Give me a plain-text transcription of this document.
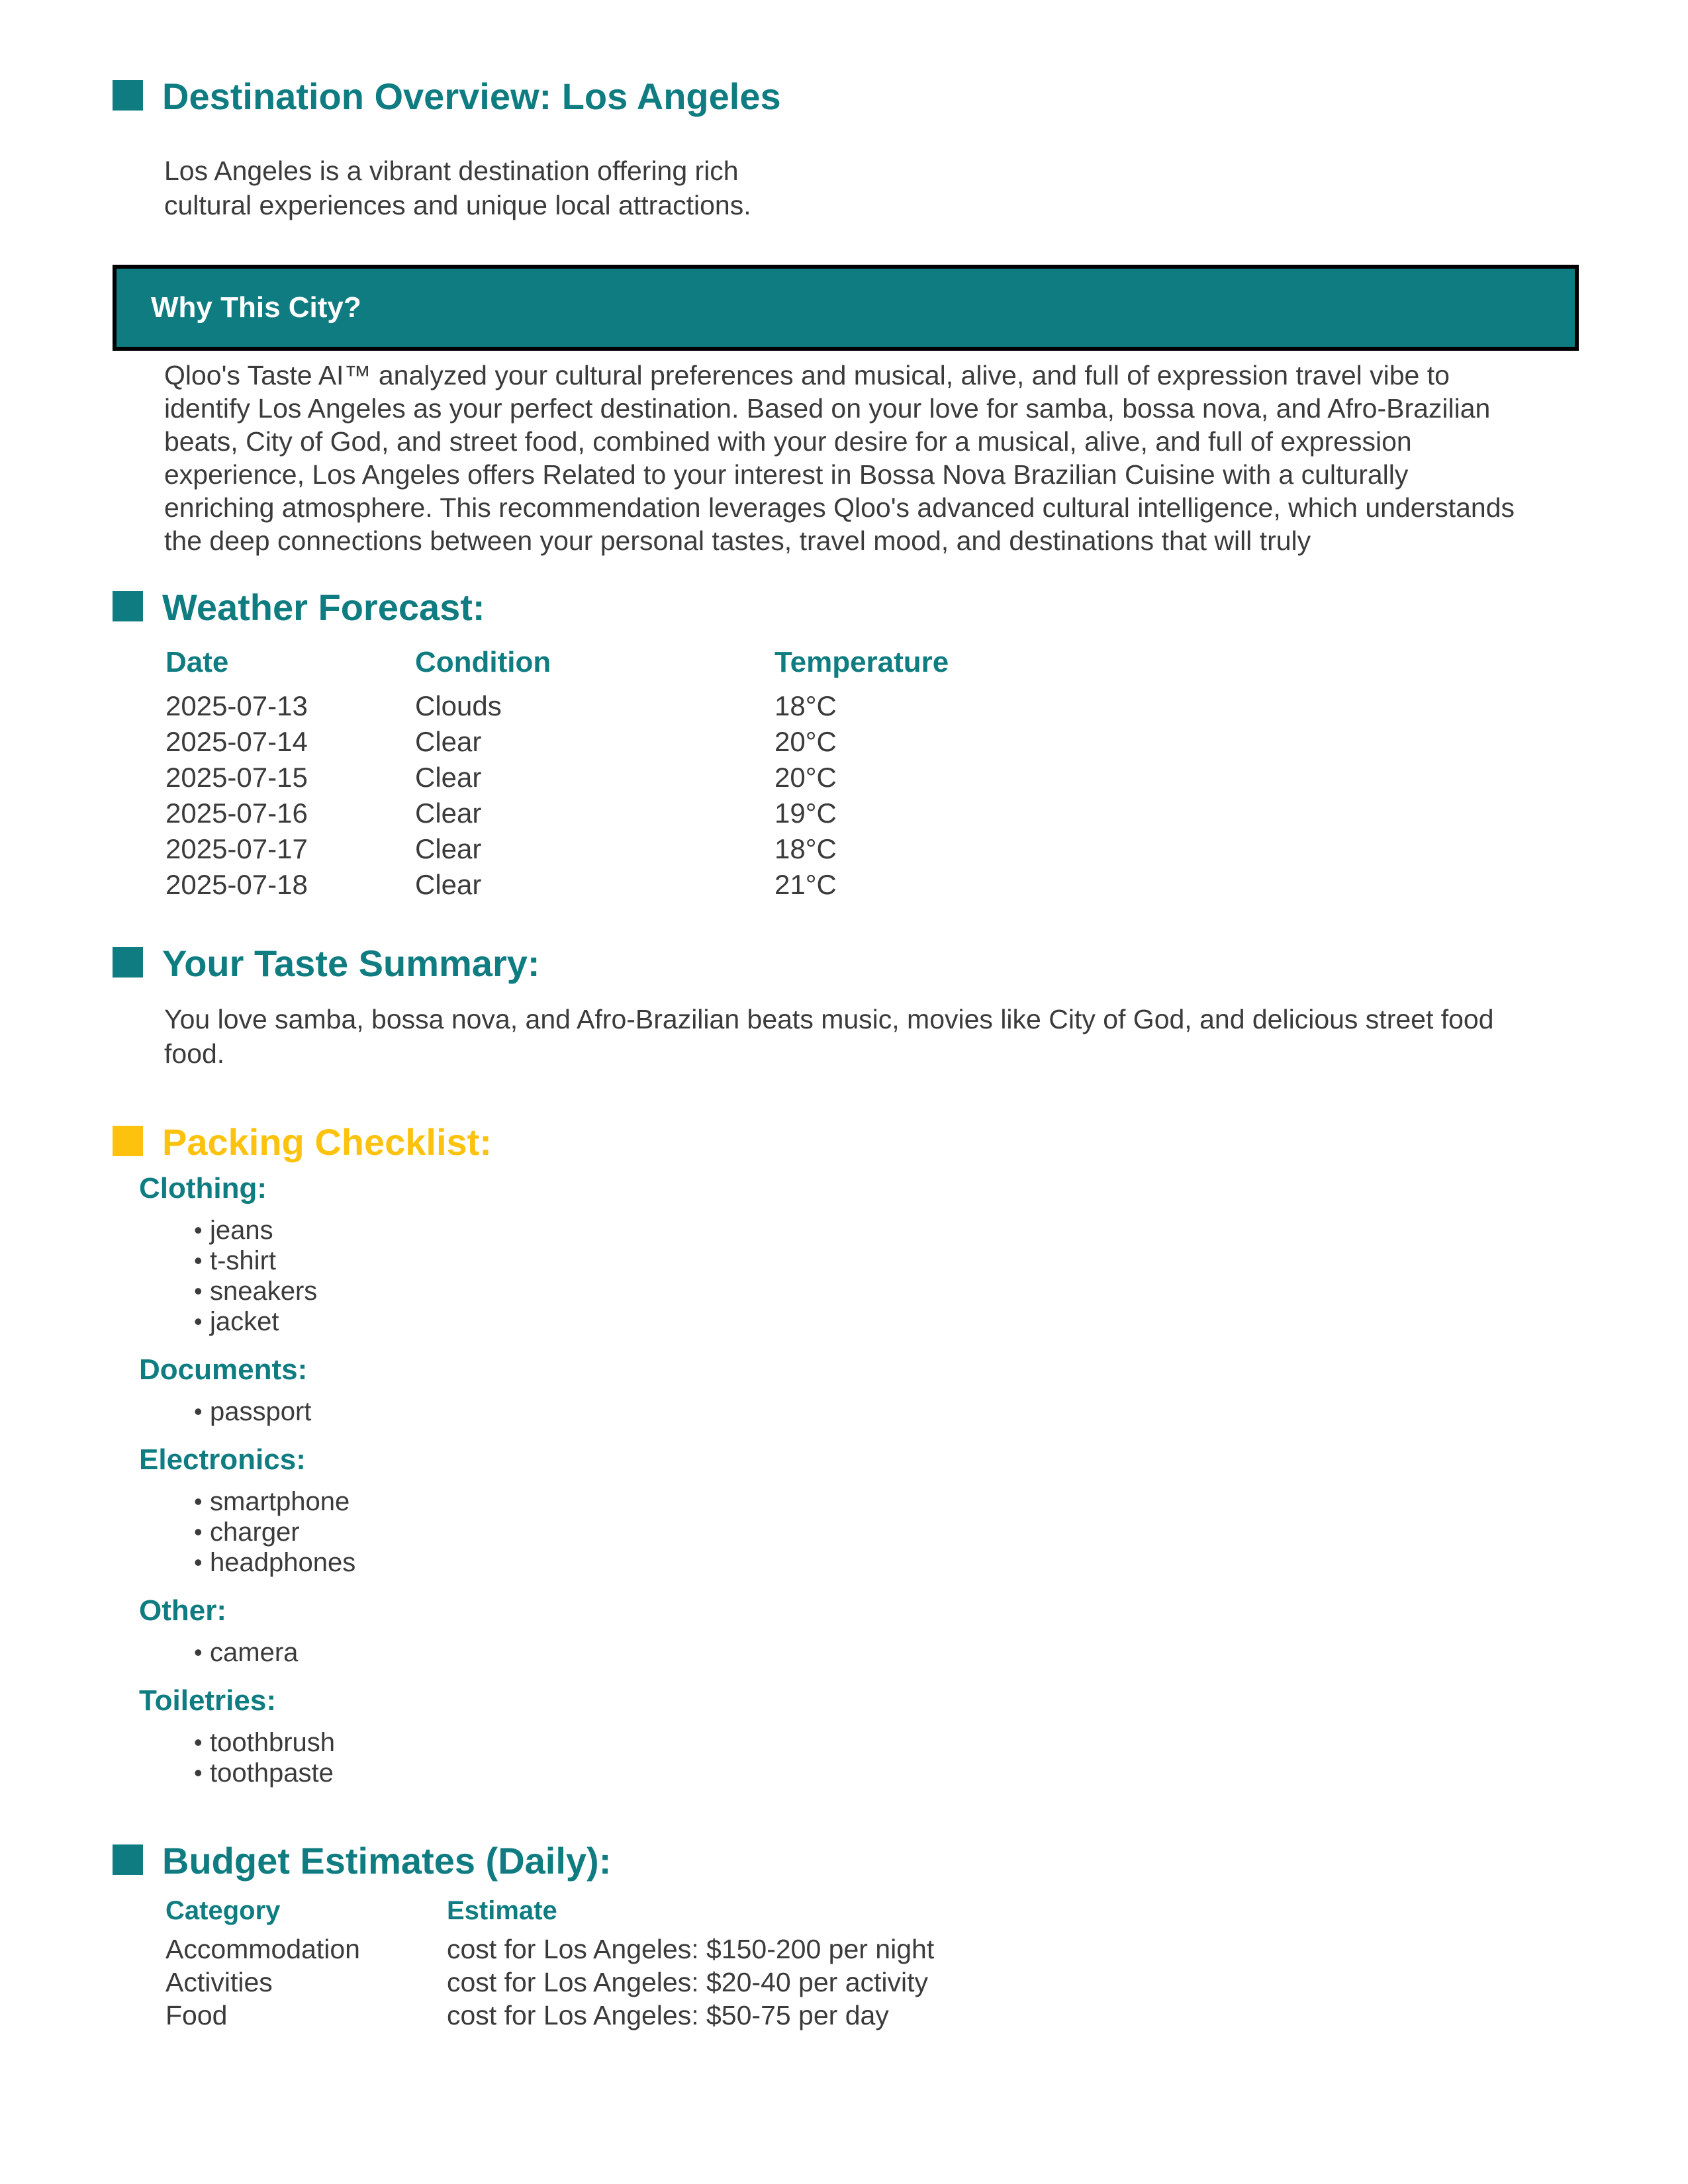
Destination Overview: Los Angeles

Los Angeles is a vibrant destination offering rich cultural experiences and unique local attractions.

Why This City?

Qloo's Taste AI™ analyzed your cultural preferences and musical, alive, and full of expression travel vibe to identify Los Angeles as your perfect destination. Based on your love for samba, bossa nova, and Afro-Brazilian beats, City of God, and street food, combined with your desire for a musical, alive, and full of expression experience, Los Angeles offers Related to your interest in Bossa Nova Brazilian Cuisine with a culturally enriching atmosphere. This recommendation leverages Qloo's advanced cultural intelligence, which understands the deep connections between your personal tastes, travel mood, and destinations that will truly

Weather Forecast:
Date	Condition	Temperature
2025-07-13	Clouds	18°C
2025-07-14	Clear	20°C
2025-07-15	Clear	20°C
2025-07-16	Clear	19°C
2025-07-17	Clear	18°C
2025-07-18	Clear	21°C
Your Taste Summary:

You love samba, bossa nova, and Afro-Brazilian beats music, movies like City of God, and delicious street food food.

Packing Checklist:
Clothing:
• jeans
• t-shirt
• sneakers
• jacket
Documents:
• passport
Electronics:
• smartphone
• charger
• headphones
Other:
• camera
Toiletries:
• toothbrush
• toothpaste
Budget Estimates (Daily):
Category	Estimate
Accommodation	cost for Los Angeles: $150-200 per night
Activities	cost for Los Angeles: $20-40 per activity
Food	cost for Los Angeles: $50-75 per day
